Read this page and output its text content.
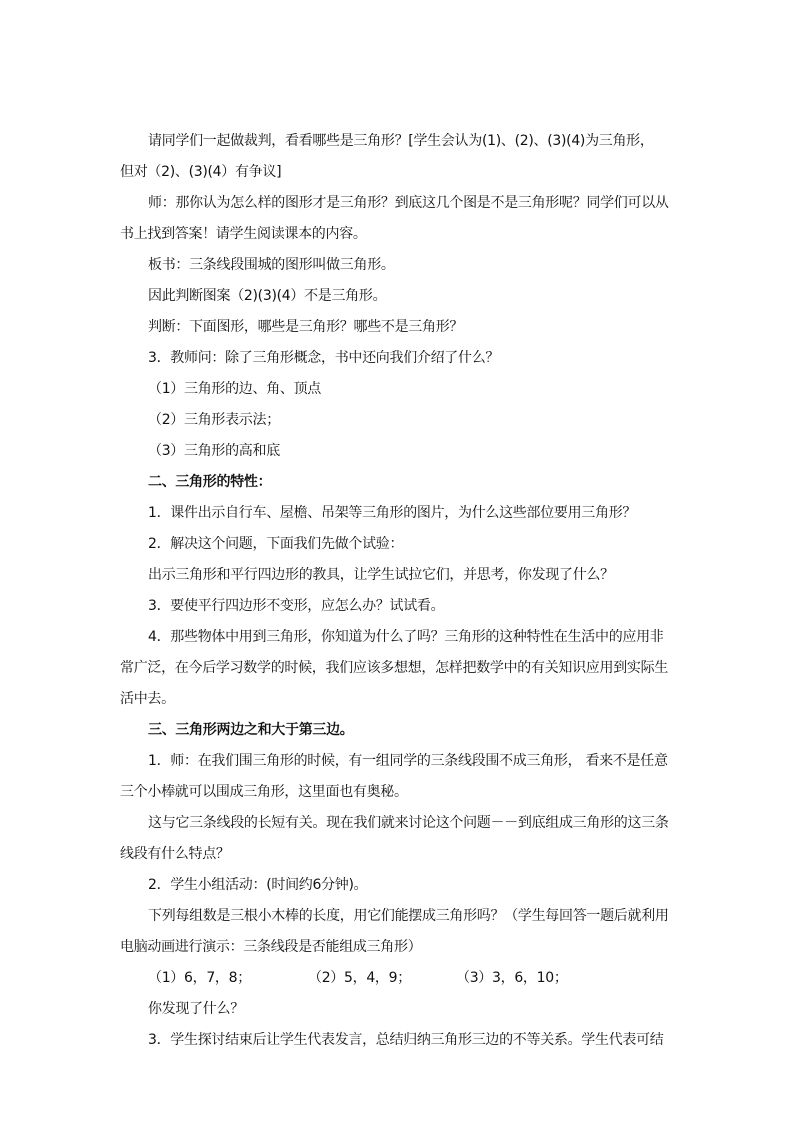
请同学们一起做裁判，看看哪些是三角形？[学生会认为(1)、(2)、(3)(4)为三角形，

但对（2)、(3)(4）有争议]

师：那你认为怎么样的图形才是三角形？到底这几个图是不是三角形呢？同学们可以从

书上找到答案！请学生阅读课本的内容。

板书：三条线段围城的图形叫做三角形。

因此判断图案（2)(3)(4）不是三角形。

判断：下面图形，哪些是三角形？哪些不是三角形？

3．教师问：除了三角形概念，书中还向我们介绍了什么？

（1）三角形的边、角、顶点

（2）三角形表示法；

（3）三角形的高和底

二、三角形的特性：

1．课件出示自行车、屋檐、吊架等三角形的图片，为什么这些部位要用三角形？

2．解决这个问题，下面我们先做个试验：

出示三角形和平行四边形的教具，让学生试拉它们，并思考，你发现了什么？

3．要使平行四边形不变形，应怎么办？试试看。

4．那些物体中用到三角形，你知道为什么了吗？三角形的这种特性在生活中的应用非

常广泛，在今后学习数学的时候，我们应该多想想，怎样把数学中的有关知识应用到实际生

活中去。

三、三角形两边之和大于第三边。

1．师：在我们围三角形的时候，有一组同学的三条线段围不成三角形， 看来不是任意

三个小棒就可以围成三角形，这里面也有奥秘。

这与它三条线段的长短有关。现在我们就来讨论这个问题－－到底组成三角形的这三条

线段有什么特点？

2．学生小组活动：(时间约6分钟)。

下列每组数是三根小木棒的长度，用它们能摆成三角形吗？（学生每回答一题后就利用

电脑动画进行演示：三条线段是否能组成三角形）

（1）6，7，8；	（2）5，4，9；	（3）3，6，10；

你发现了什么？

3．学生探讨结束后让学生代表发言，总结归纳三角形三边的不等关系。学生代表可结
